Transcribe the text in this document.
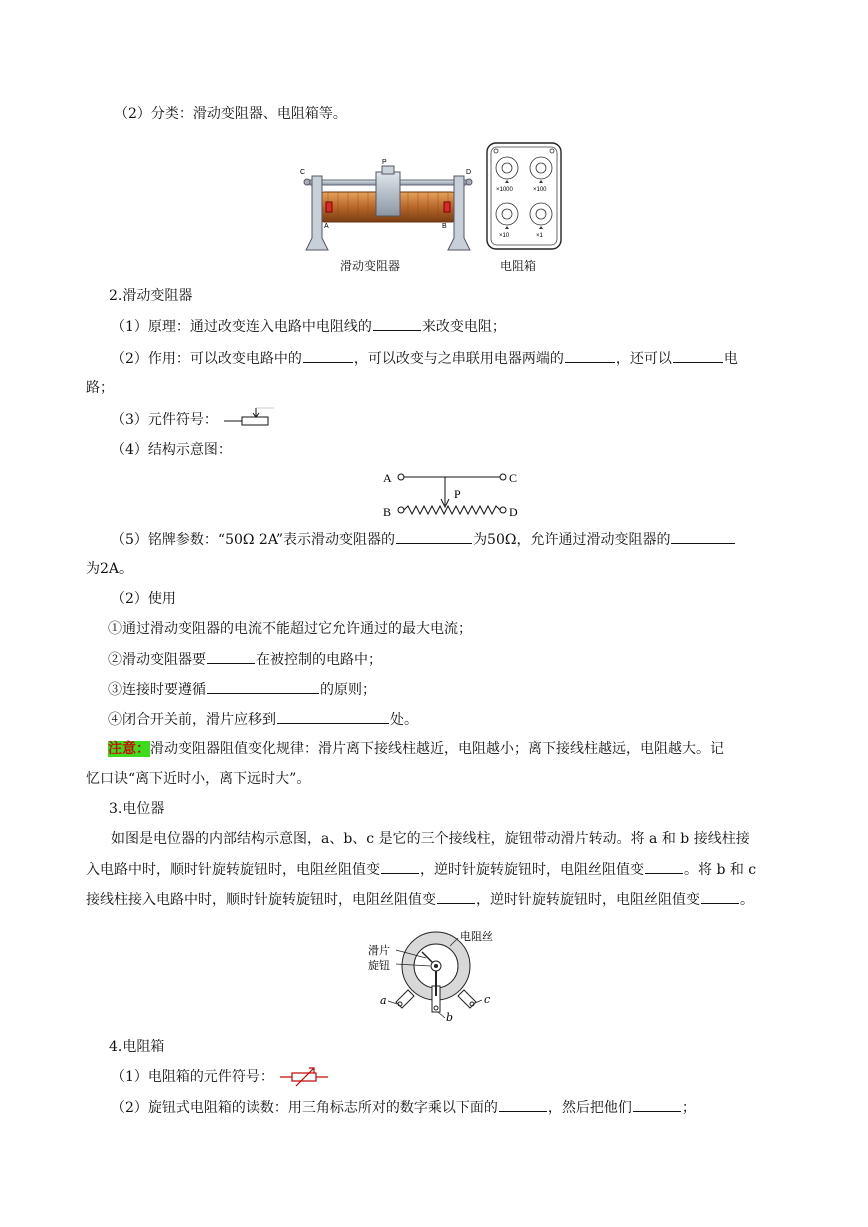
（2）分类：滑动变阻器、电阻箱等。
C
P
D
A	B
滑动变阻器
×1000	×100
×10	×1
电阻箱
2.滑动变阻器
（1）原理：通过改变连入电路中电阻线的	来改变电阻；
（2）作用：可以改变电路中的	，可以改变与之串联用电器两端的	，还可以	电
路；
（3）元件符号：
（4）结构示意图：
A	C
P
B	D
（5）铭牌参数：“50Ω 2A”表示滑动变阻器的	为50Ω，允许通过滑动变阻器的
为2A。
（2）使用
①通过滑动变阻器的电流不能超过它允许通过的最大电流；
②滑动变阻器要	在被控制的电路中；
③连接时要遵循	的原则；
④闭合开关前，滑片应移到	处。
注意：滑动变阻器阻值变化规律：滑片离下接线柱越近，电阻越小；离下接线柱越远，电阻越大。记
忆口诀“离下近时小，离下远时大”。
3.电位器
如图是电位器的内部结构示意图，a、b、c 是它的三个接线柱，旋钮带动滑片转动。将 a 和 b 接线柱接
入电路中时，顺时针旋转旋钮时，电阻丝阻值变	，逆时针旋转旋钮时，电阻丝阻值变	。将 b 和 c
接线柱接入电路中时，顺时针旋转旋钮时，电阻丝阻值变	，逆时针旋转旋钮时，电阻丝阻值变	。
电阻丝
滑片
旋钮
a
b
c
4.电阻箱
（1）电阻箱的元件符号：
（2）旋钮式电阻箱的读数：用三角标志所对的数字乘以下面的	，然后把他们	；
